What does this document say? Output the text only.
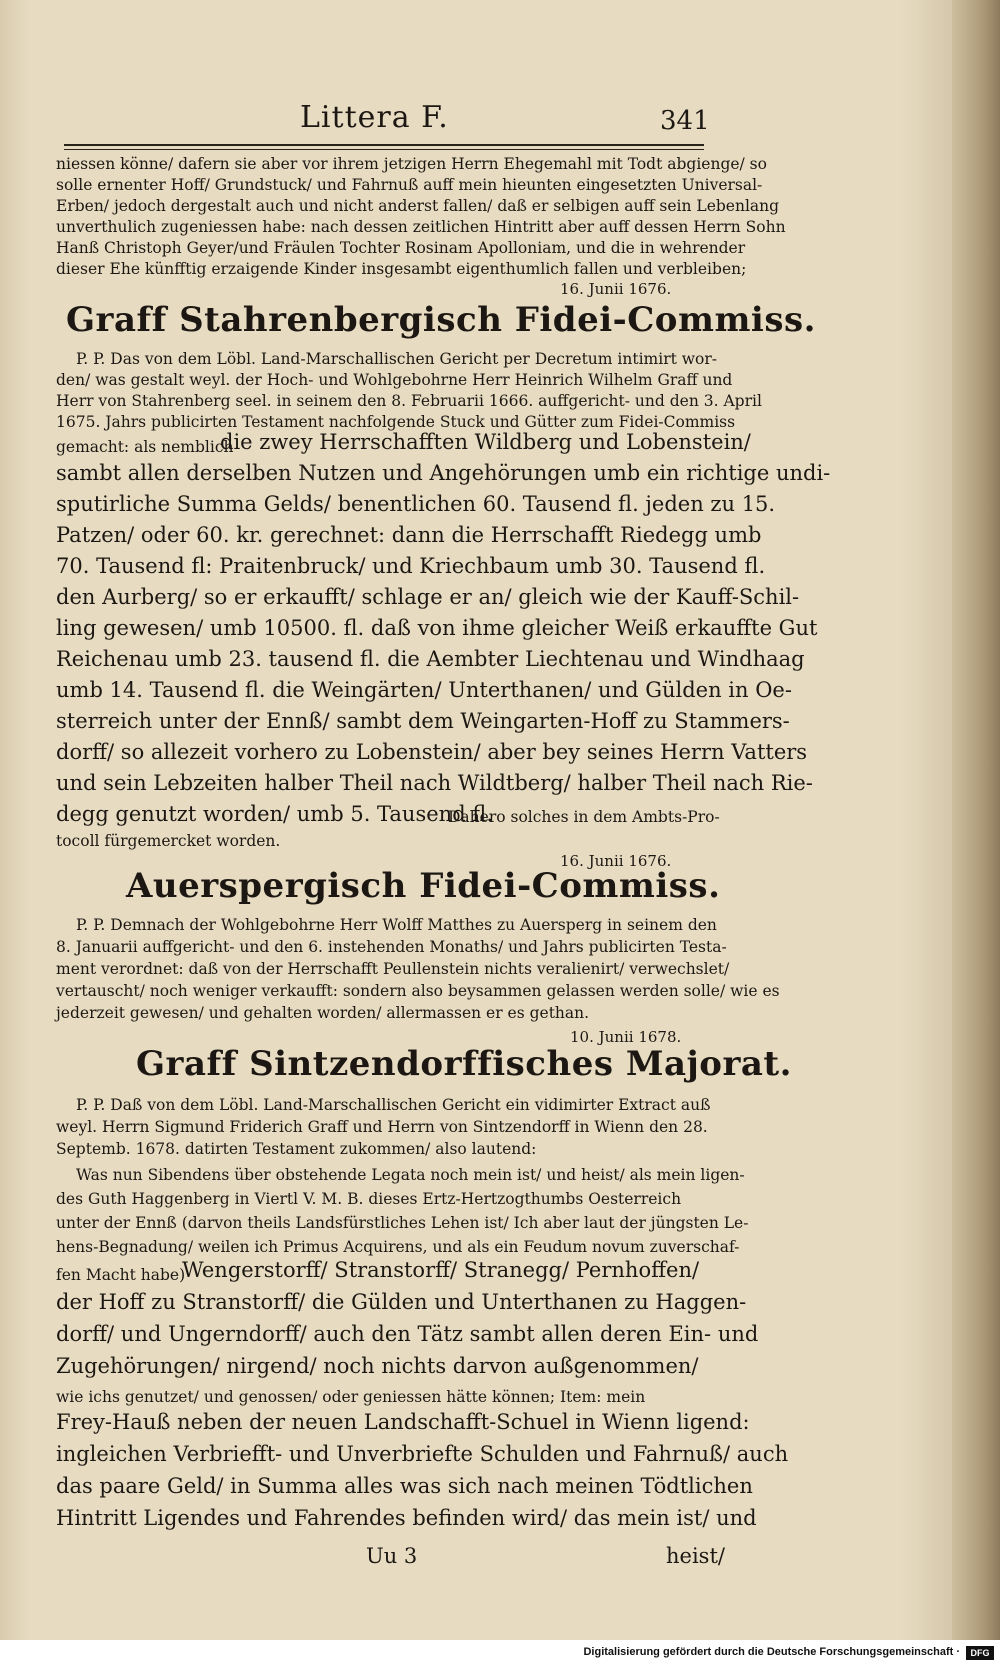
Littera F.	341
niessen könne/ dafern sie aber vor ihrem jetzigen Herrn Ehegemahl mit Todt abgienge/ so
solle ernenter Hoff/ Grundstuck/ und Fahrnuß auff mein hieunten eingesetzten Universal-
Erben/ jedoch dergestalt auch und nicht anderst fallen/ daß er selbigen auff sein Lebenlang
unverthulich zugeniessen habe: nach dessen zeitlichen Hintritt aber auff dessen Herrn Sohn
Hanß Christoph Geyer/und Fräulen Tochter Rosinam Apolloniam, und die in wehrender
dieser Ehe künfftig erzaigende Kinder insgesambt eigenthumlich fallen und verbleiben;
16. Junii 1676.
Graff Stahrenbergisch Fidei-Commiss.
P. P. Das von dem Löbl. Land-Marschallischen Gericht per Decretum intimirt wor-
den/ was gestalt weyl. der Hoch- und Wohlgebohrne Herr Heinrich Wilhelm Graff und
Herr von Stahrenberg seel. in seinem den 8. Februarii 1666. auffgericht- und den 3. April
1675. Jahrs publicirten Testament nachfolgende Stuck und Gütter zum Fidei-Commiss
gemacht: als nemblich
die zwey Herrschafften Wildberg und Lobenstein/
sambt allen derselben Nutzen und Angehörungen umb ein richtige undi-
sputirliche Summa Gelds/ benentlichen 60. Tausend fl. jeden zu 15.
Patzen/ oder 60. kr. gerechnet: dann die Herrschafft Riedegg umb
70. Tausend fl: Praitenbruck/ und Kriechbaum umb 30. Tausend fl.
den Aurberg/ so er erkaufft/ schlage er an/ gleich wie der Kauff-Schil-
ling gewesen/ umb 10500. fl. daß von ihme gleicher Weiß erkauffte Gut
Reichenau umb 23. tausend fl. die Aembter Liechtenau und Windhaag
umb 14. Tausend fl. die Weingärten/ Unterthanen/ und Gülden in Oe-
sterreich unter der Ennß/ sambt dem Weingarten-Hoff zu Stammers-
dorff/ so allezeit vorhero zu Lobenstein/ aber bey seines Herrn Vatters
und sein Lebzeiten halber Theil nach Wildtberg/ halber Theil nach Rie-
degg genutzt worden/ umb 5. Tausend fl.
Dahero solches in dem Ambts-Pro-
tocoll fürgemercket worden.
16. Junii 1676.
Auerspergisch Fidei-Commiss.
P. P. Demnach der Wohlgebohrne Herr Wolff Matthes zu Auersperg in seinem den
8. Januarii auffgericht- und den 6. instehenden Monaths/ und Jahrs publicirten Testa-
ment verordnet: daß von der Herrschafft Peullenstein nichts veralienirt/ verwechslet/
vertauscht/ noch weniger verkaufft: sondern also beysammen gelassen werden solle/ wie es
jederzeit gewesen/ und gehalten worden/ allermassen er es gethan.
10. Junii 1678.
Graff Sintzendorffisches Majorat.
P. P. Daß von dem Löbl. Land-Marschallischen Gericht ein vidimirter Extract auß
weyl. Herrn Sigmund Friderich Graff und Herrn von Sintzendorff in Wienn den 28.
Septemb. 1678. datirten Testament zukommen/ also lautend:
Was nun Sibendens über obstehende Legata noch mein ist/ und heist/ als mein ligen-
des Guth Haggenberg in Viertl V. M. B. dieses Ertz-Hertzogthumbs Oesterreich
unter der Ennß (darvon theils Landsfürstliches Lehen ist/ Ich aber laut der jüngsten Le-
hens-Begnadung/ weilen ich Primus Acquirens, und als ein Feudum novum zuverschaf-
fen Macht habe)
Wengerstorff/ Stranstorff/ Stranegg/ Pernhoffen/
der Hoff zu Stranstorff/ die Gülden und Unterthanen zu Haggen-
dorff/ und Ungerndorff/ auch den Tätz sambt allen deren Ein- und
Zugehörungen/ nirgend/ noch nichts darvon außgenommen/
wie ichs genutzet/ und genossen/ oder geniessen hätte können; Item: mein
Frey-Hauß neben der neuen Landschafft-Schuel in Wienn ligend:
ingleichen Verbriefft- und Unverbriefte Schulden und Fahrnuß/ auch
das paare Geld/ in Summa alles was sich nach meinen Tödtlichen
Hintritt Ligendes und Fahrendes befinden wird/ das mein ist/ und
Uu 3	heist/
Digitalisierung gefördert durch die Deutsche Forschungsgemeinschaft ·	DFG
